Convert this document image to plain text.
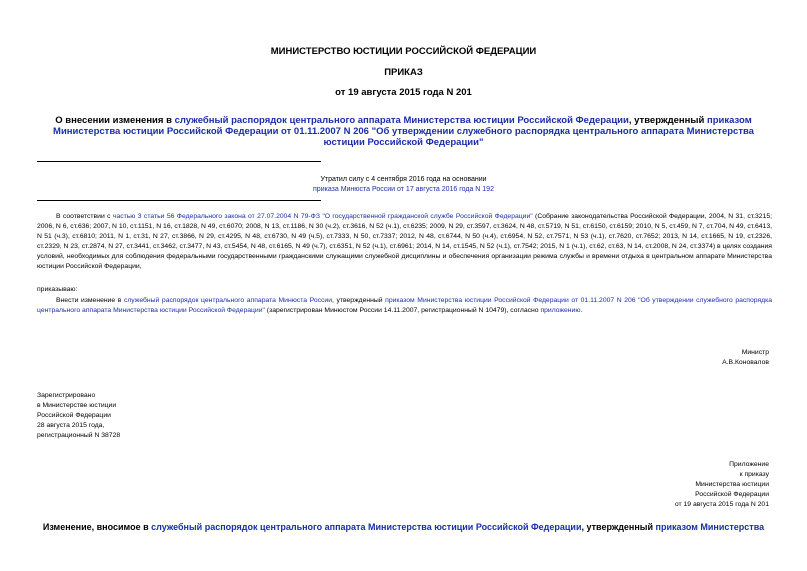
МИНИСТЕРСТВО ЮСТИЦИИ РОССИЙСКОЙ ФЕДЕРАЦИИ
ПРИКАЗ
от 19 августа 2015 года N 201
О внесении изменения в служебный распорядок центрального аппарата Министерства юстиции Российской Федерации, утвержденный приказом Министерства юстиции Российской Федерации от 01.11.2007 N 206 "Об утверждении служебного распорядка центрального аппарата Министерства юстиции Российской Федерации"
Утратил силу с 4 сентября 2016 года на основании
приказа Минюста России от 17 августа 2016 года N 192
В соответствии с частью 3 статьи 56 Федерального закона от 27.07.2004 N 79-ФЗ "О государственной гражданской службе Российской Федерации" (Собрание законодательства Российской Федерации, 2004, N 31, ст.3215; 2006, N 6, ст.636; 2007, N 10, ст.1151, N 16, ст.1828, N 49, ст.6070; 2008, N 13, ст.1186, N 30 (ч.2), ст.3616, N 52 (ч.1), ст.6235; 2009, N 29, ст.3597, ст.3624, N 48, ст.5719, N 51, ст.6150, ст.6159; 2010, N 5, ст.459, N 7, ст.704, N 49, ст.6413, N 51 (ч.3), ст.6810; 2011, N 1, ст.31, N 27, ст.3866, N 29, ст.4295, N 48, ст.6730, N 49 (ч.5), ст.7333, N 50, ст.7337; 2012, N 48, ст.6744, N 50 (ч.4), ст.6954, N 52, ст.7571, N 53 (ч.1), ст.7620, ст.7652; 2013, N 14, ст.1665, N 19, ст.2326, ст.2329, N 23, ст.2874, N 27, ст.3441, ст.3462, ст.3477, N 43, ст.5454, N 48, ст.6165, N 49 (ч.7), ст.6351, N 52 (ч.1), ст.6961; 2014, N 14, ст.1545, N 52 (ч.1), ст.7542; 2015, N 1 (ч.1), ст.62, ст.63, N 14, ст.2008, N 24, ст.3374) в целях создания условий, необходимых для соблюдения федеральными государственными гражданскими служащими служебной дисциплины и обеспечения организации режима службы и времени отдыха в центральном аппарате Министерства юстиции Российской Федерации,
приказываю:
Внести изменение в служебный распорядок центрального аппарата Минюста России, утвержденный приказом Министерства юстиции Российской Федерации от 01.11.2007 N 206 "Об утверждении служебного распорядка центрального аппарата Министерства юстиции Российской Федерации" (зарегистрирован Минюстом России 14.11.2007, регистрационный N 10479), согласно приложению.
Министр
А.В.Коновалов
Зарегистрировано
в Министерстве юстиции
Российской Федерации
28 августа 2015 года,
регистрационный N 38728
Приложение
к приказу
Министерства юстиции
Российской Федерации
от 19 августа 2015 года N 201
Изменение, вносимое в служебный распорядок центрального аппарата Министерства юстиции Российской Федерации, утвержденный приказом Министерства
